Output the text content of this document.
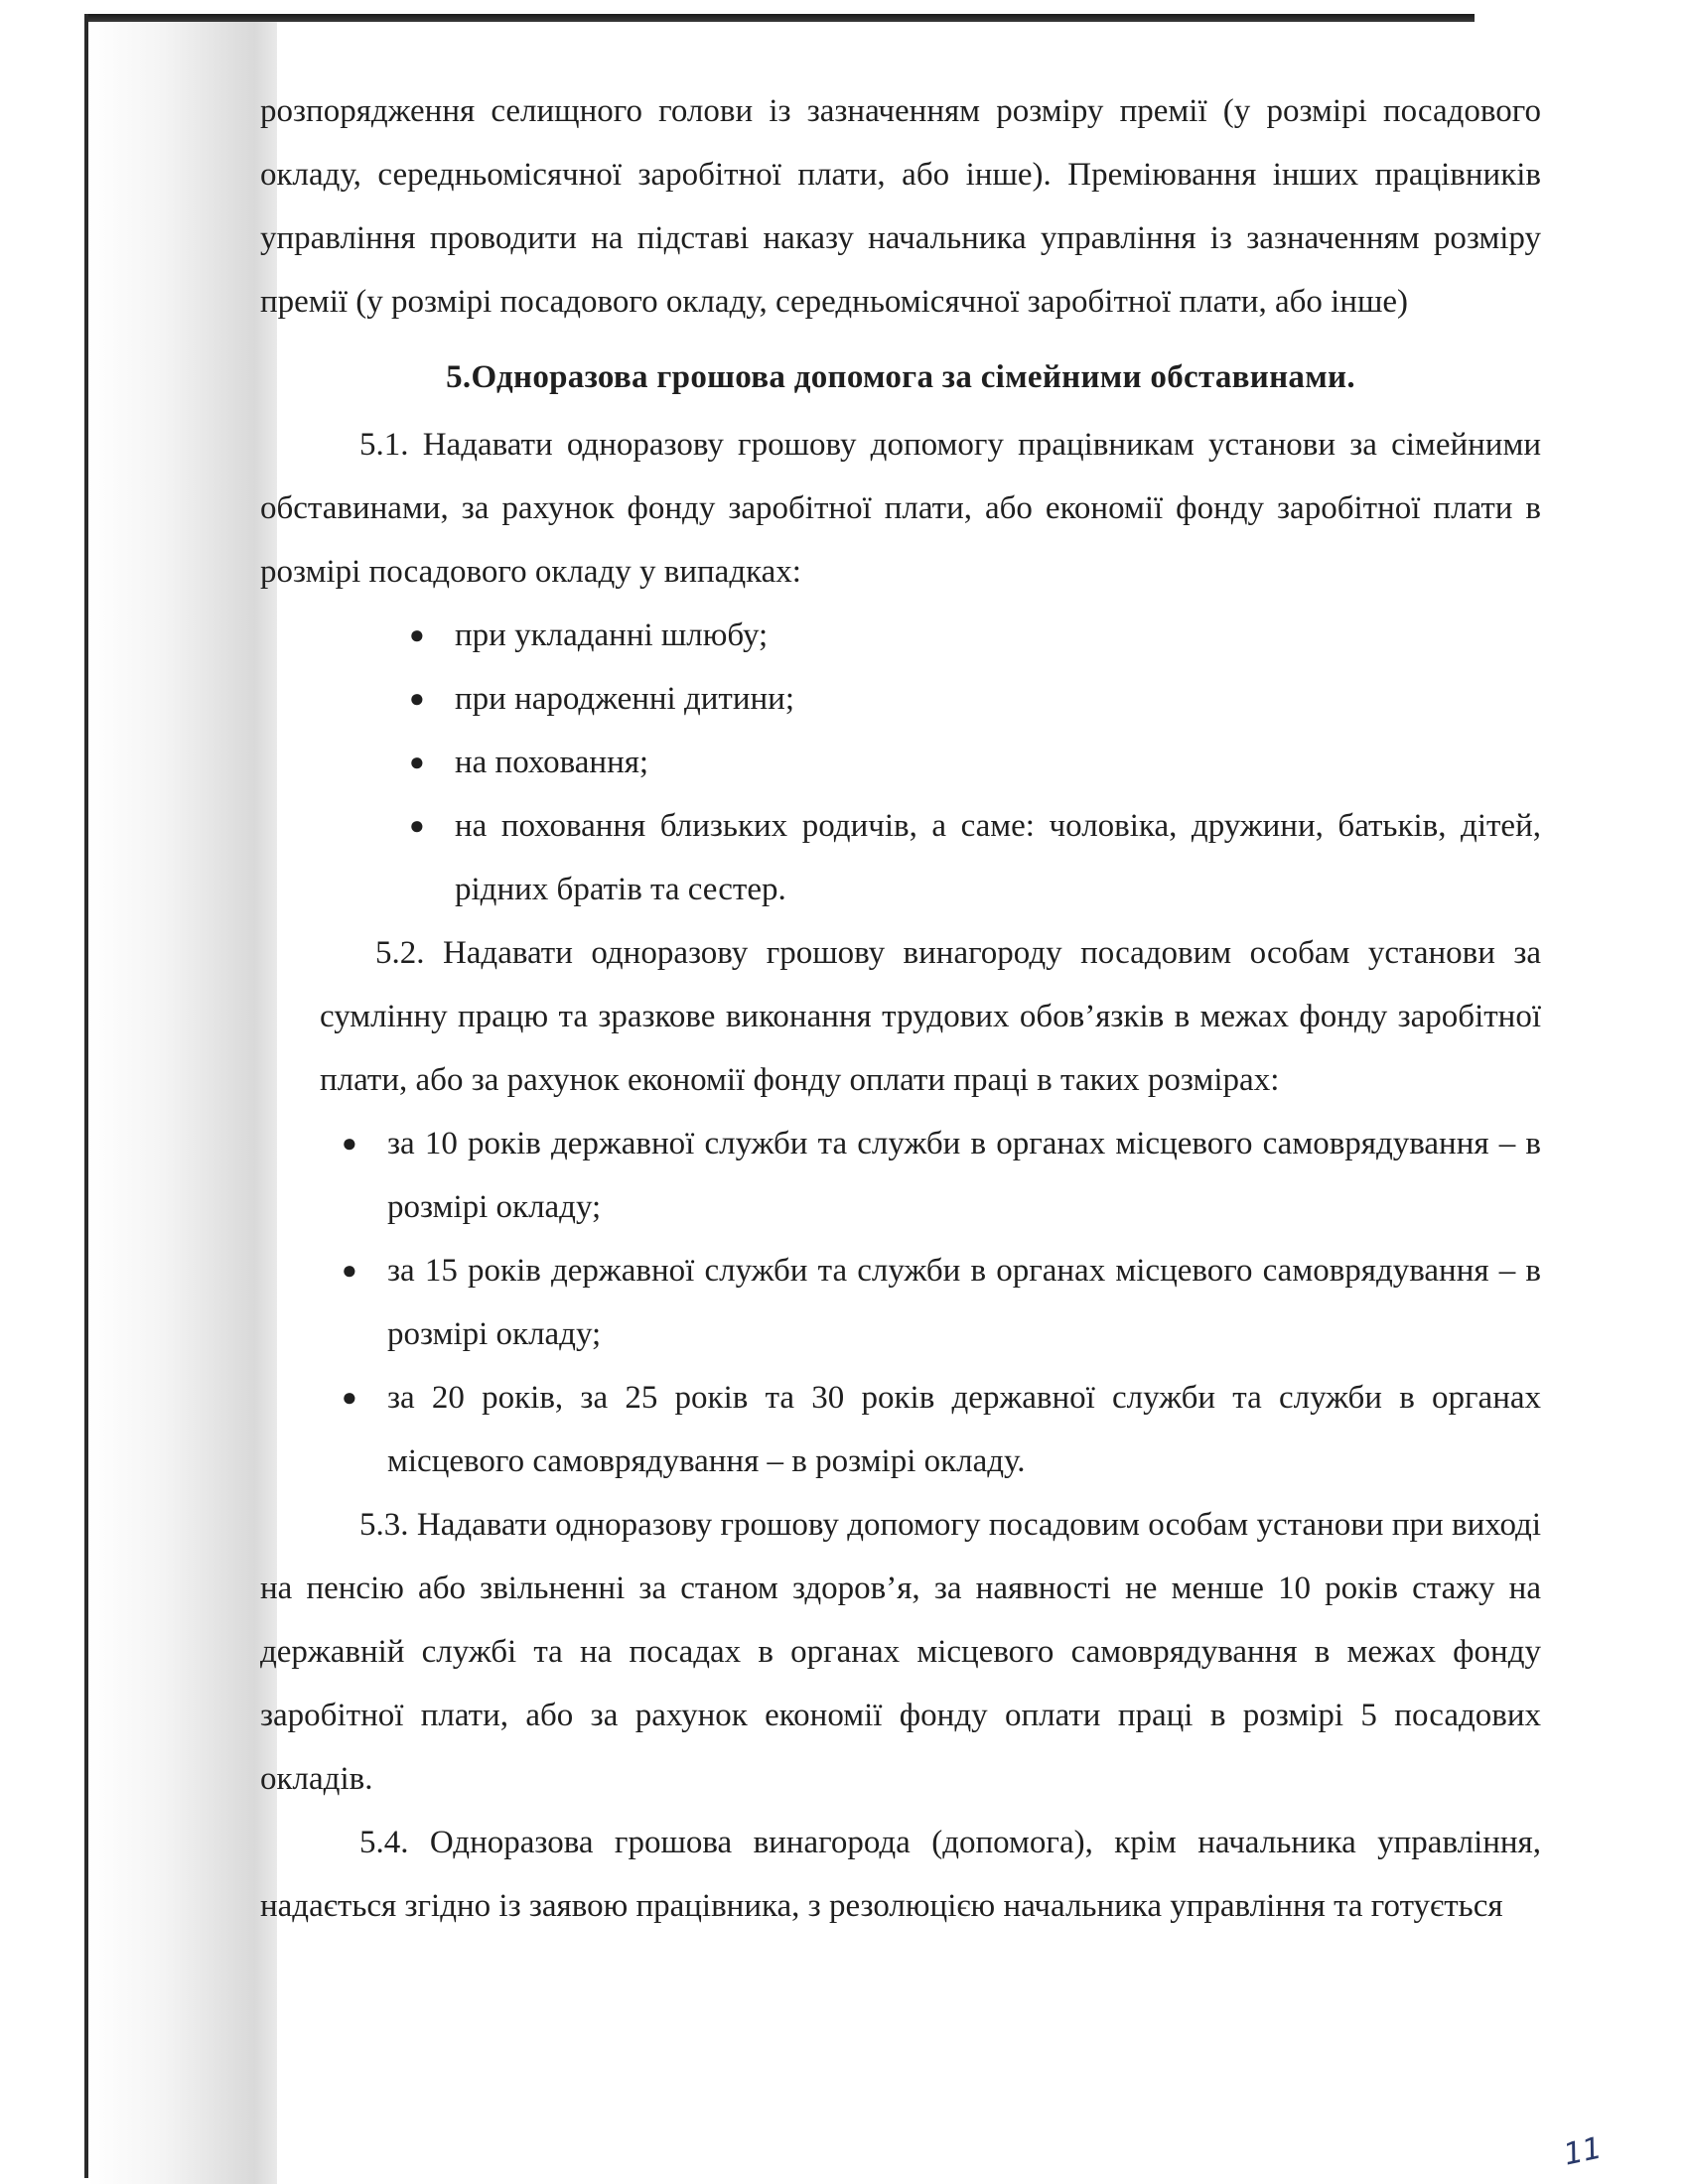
розпорядження селищного голови із зазначенням розміру премії (у розмірі посадового окладу, середньомісячної заробітної плати, або інше). Преміювання інших працівників управління проводити на підставі наказу начальника управління із зазначенням розміру премії (у розмірі посадового окладу, середньомісячної заробітної плати, або інше)

5.Одноразова грошова допомога за сімейними обставинами.

5.1. Надавати одноразову грошову допомогу працівникам установи за сімейними обставинами, за рахунок фонду заробітної плати, або економії фонду заробітної плати в розмірі посадового окладу у випадках:

● при укладанні шлюбу;
● при народженні дитини;
● на поховання;
● на поховання близьких родичів, а саме: чоловіка, дружини, батьків, дітей, рідних братів та сестер.

5.2. Надавати одноразову грошову винагороду посадовим особам установи за сумлінну працю та зразкове виконання трудових обов’язків в межах фонду заробітної плати, або за рахунок економії фонду оплати праці в таких розмірах:

● за 10 років державної служби та служби в органах місцевого самоврядування – в розмірі окладу;
● за 15 років державної служби та служби в органах місцевого самоврядування – в розмірі окладу;
● за 20 років, за 25 років та 30 років державної служби та служби в органах місцевого самоврядування – в розмірі окладу.

5.3. Надавати одноразову грошову допомогу посадовим особам установи при виході на пенсію або звільненні за станом здоров’я, за наявності не менше 10 років стажу на державній службі та на посадах в органах місцевого самоврядування в межах фонду заробітної плати, або за рахунок економії фонду оплати праці в розмірі 5 посадових окладів.

5.4. Одноразова грошова винагорода (допомога), крім начальника управління, надається згідно із заявою працівника, з резолюцією начальника управління та готується

11
